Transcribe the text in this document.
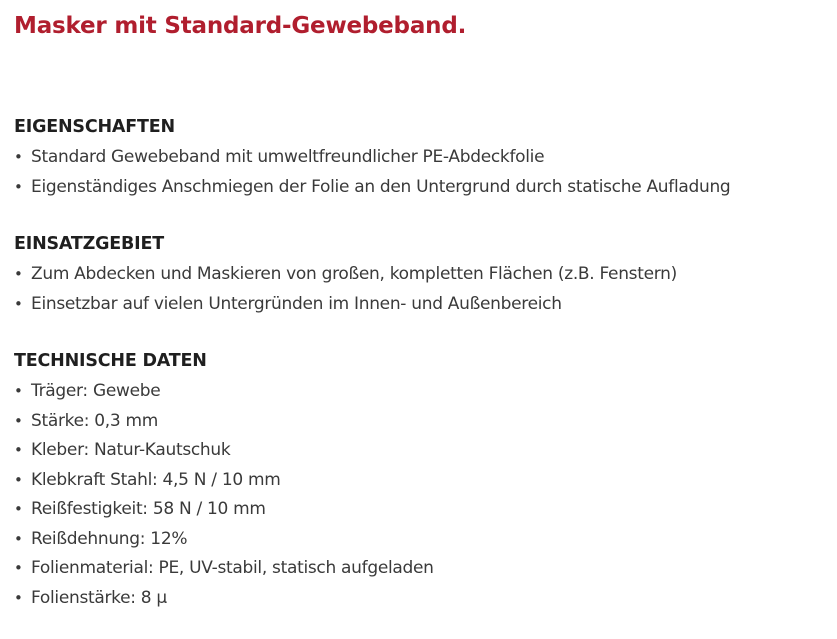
Masker mit Standard-Gewebeband.
EIGENSCHAFTEN
• Standard Gewebeband mit umweltfreundlicher PE-Abdeckfolie
• Eigenständiges Anschmiegen der Folie an den Untergrund durch statische Aufladung
EINSATZGEBIET
• Zum Abdecken und Maskieren von großen, kompletten Flächen (z.B. Fenstern)
• Einsetzbar auf vielen Untergründen im Innen- und Außenbereich
TECHNISCHE DATEN
• Träger: Gewebe
• Stärke: 0,3 mm
• Kleber: Natur-Kautschuk
• Klebkraft Stahl: 4,5 N / 10 mm
• Reißfestigkeit: 58 N / 10 mm
• Reißdehnung: 12%
• Folienmaterial: PE, UV-stabil, statisch aufgeladen
• Folienstärke: 8 µ
